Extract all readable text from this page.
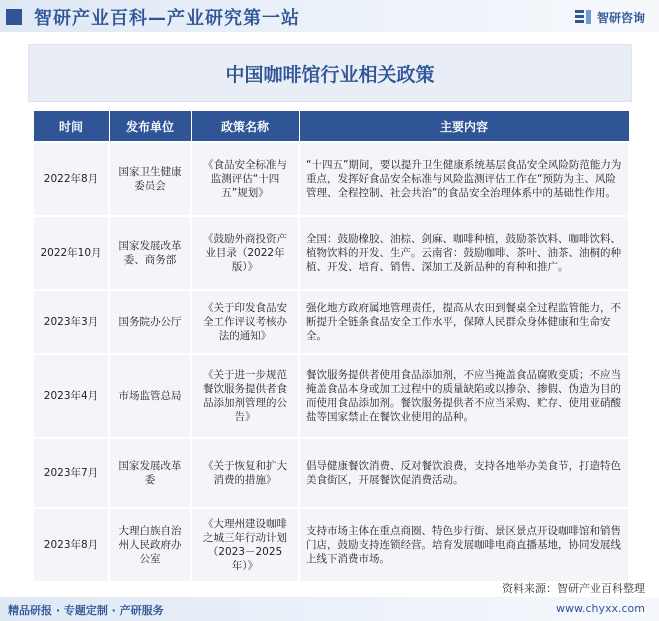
智研产业百科—产业研究第一站	智研咨询
中国咖啡馆行业相关政策
时间	发布单位	政策名称	主要内容
2022年8月	国家卫生健康委员会	《食品安全标准与监测评估“十四五”规划》	“十四五”期间，要以提升卫生健康系统基层食品安全风险防范能力为重点，发挥好食品安全标准与风险监测评估工作在“预防为主、风险管理、全程控制、社会共治”的食品安全治理体系中的基础性作用。
2022年10月	国家发展改革委、商务部	《鼓励外商投资产业目录（2022年版）》	全国：鼓励橡胶、油棕、剑麻、咖啡种植，鼓励茶饮料、咖啡饮料、植物饮料的开发、生产。云南省：鼓励咖啡、茶叶、油茶、油桐的种植、开发、培育、销售、深加工及新品种的育种和推广。
2023年3月	国务院办公厅	《关于印发食品安全工作评议考核办法的通知》	强化地方政府属地管理责任，提高从农田到餐桌全过程监管能力，不断提升全链条食品安全工作水平，保障人民群众身体健康和生命安全。
2023年4月	市场监管总局	《关于进一步规范餐饮服务提供者食品添加剂管理的公告》	餐饮服务提供者使用食品添加剂，不应当掩盖食品腐败变质；不应当掩盖食品本身或加工过程中的质量缺陷或以掺杂、掺假、伪造为目的而使用食品添加剂。餐饮服务提供者不应当采购、贮存、使用亚硝酸盐等国家禁止在餐饮业使用的品种。
2023年7月	国家发展改革委	《关于恢复和扩大消费的措施》	倡导健康餐饮消费、反对餐饮浪费，支持各地举办美食节，打造特色美食街区，开展餐饮促消费活动。
2023年8月	大理白族自治州人民政府办公室	《大理州建设咖啡之城三年行动计划（2023－2025年）》	支持市场主体在重点商圈、特色步行街、景区景点开设咖啡馆和销售门店，鼓励支持连锁经营。培育发展咖啡电商直播基地，协同发展线上线下消费市场。
资料来源：智研产业百科整理
精品研报 · 专题定制 · 产研服务	www.chyxx.com
